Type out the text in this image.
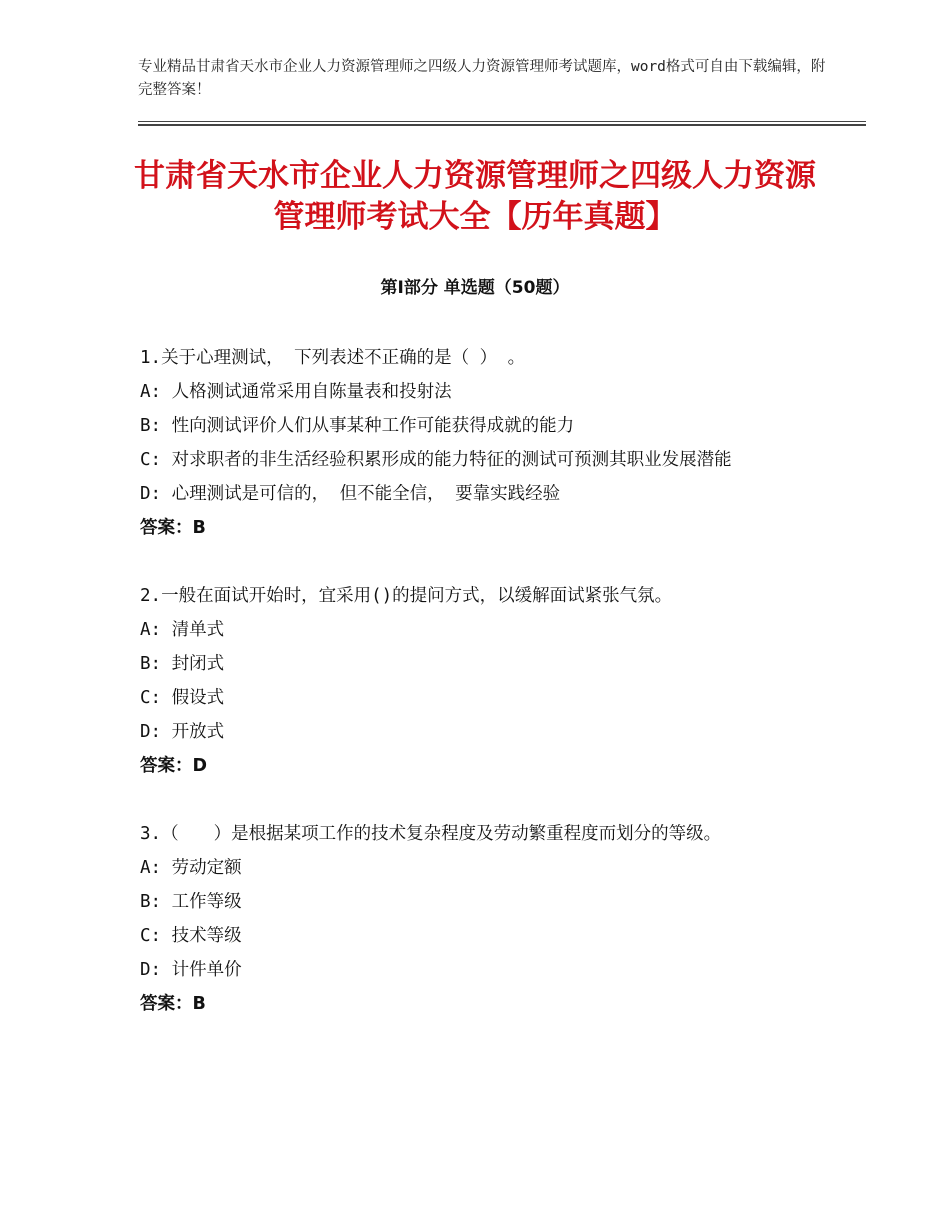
专业精品甘肃省天水市企业人力资源管理师之四级人力资源管理师考试题库，word格式可自由下载编辑，附完整答案！
甘肃省天水市企业人力资源管理师之四级人力资源管理师考试大全【历年真题】
第Ⅰ部分 单选题（50题）
1.关于心理测试， 下列表述不正确的是（ ） 。
A: 人格测试通常采用自陈量表和投射法
B: 性向测试评价人们从事某种工作可能获得成就的能力
C: 对求职者的非生活经验积累形成的能力特征的测试可预测其职业发展潜能
D: 心理测试是可信的， 但不能全信， 要靠实践经验
答案：B
2.一般在面试开始时，宜采用()的提问方式，以缓解面试紧张气氛。
A: 清单式
B: 封闭式
C: 假设式
D: 开放式
答案：D
3.（　　）是根据某项工作的技术复杂程度及劳动繁重程度而划分的等级。
A: 劳动定额
B: 工作等级
C: 技术等级
D: 计件单价
答案：B
